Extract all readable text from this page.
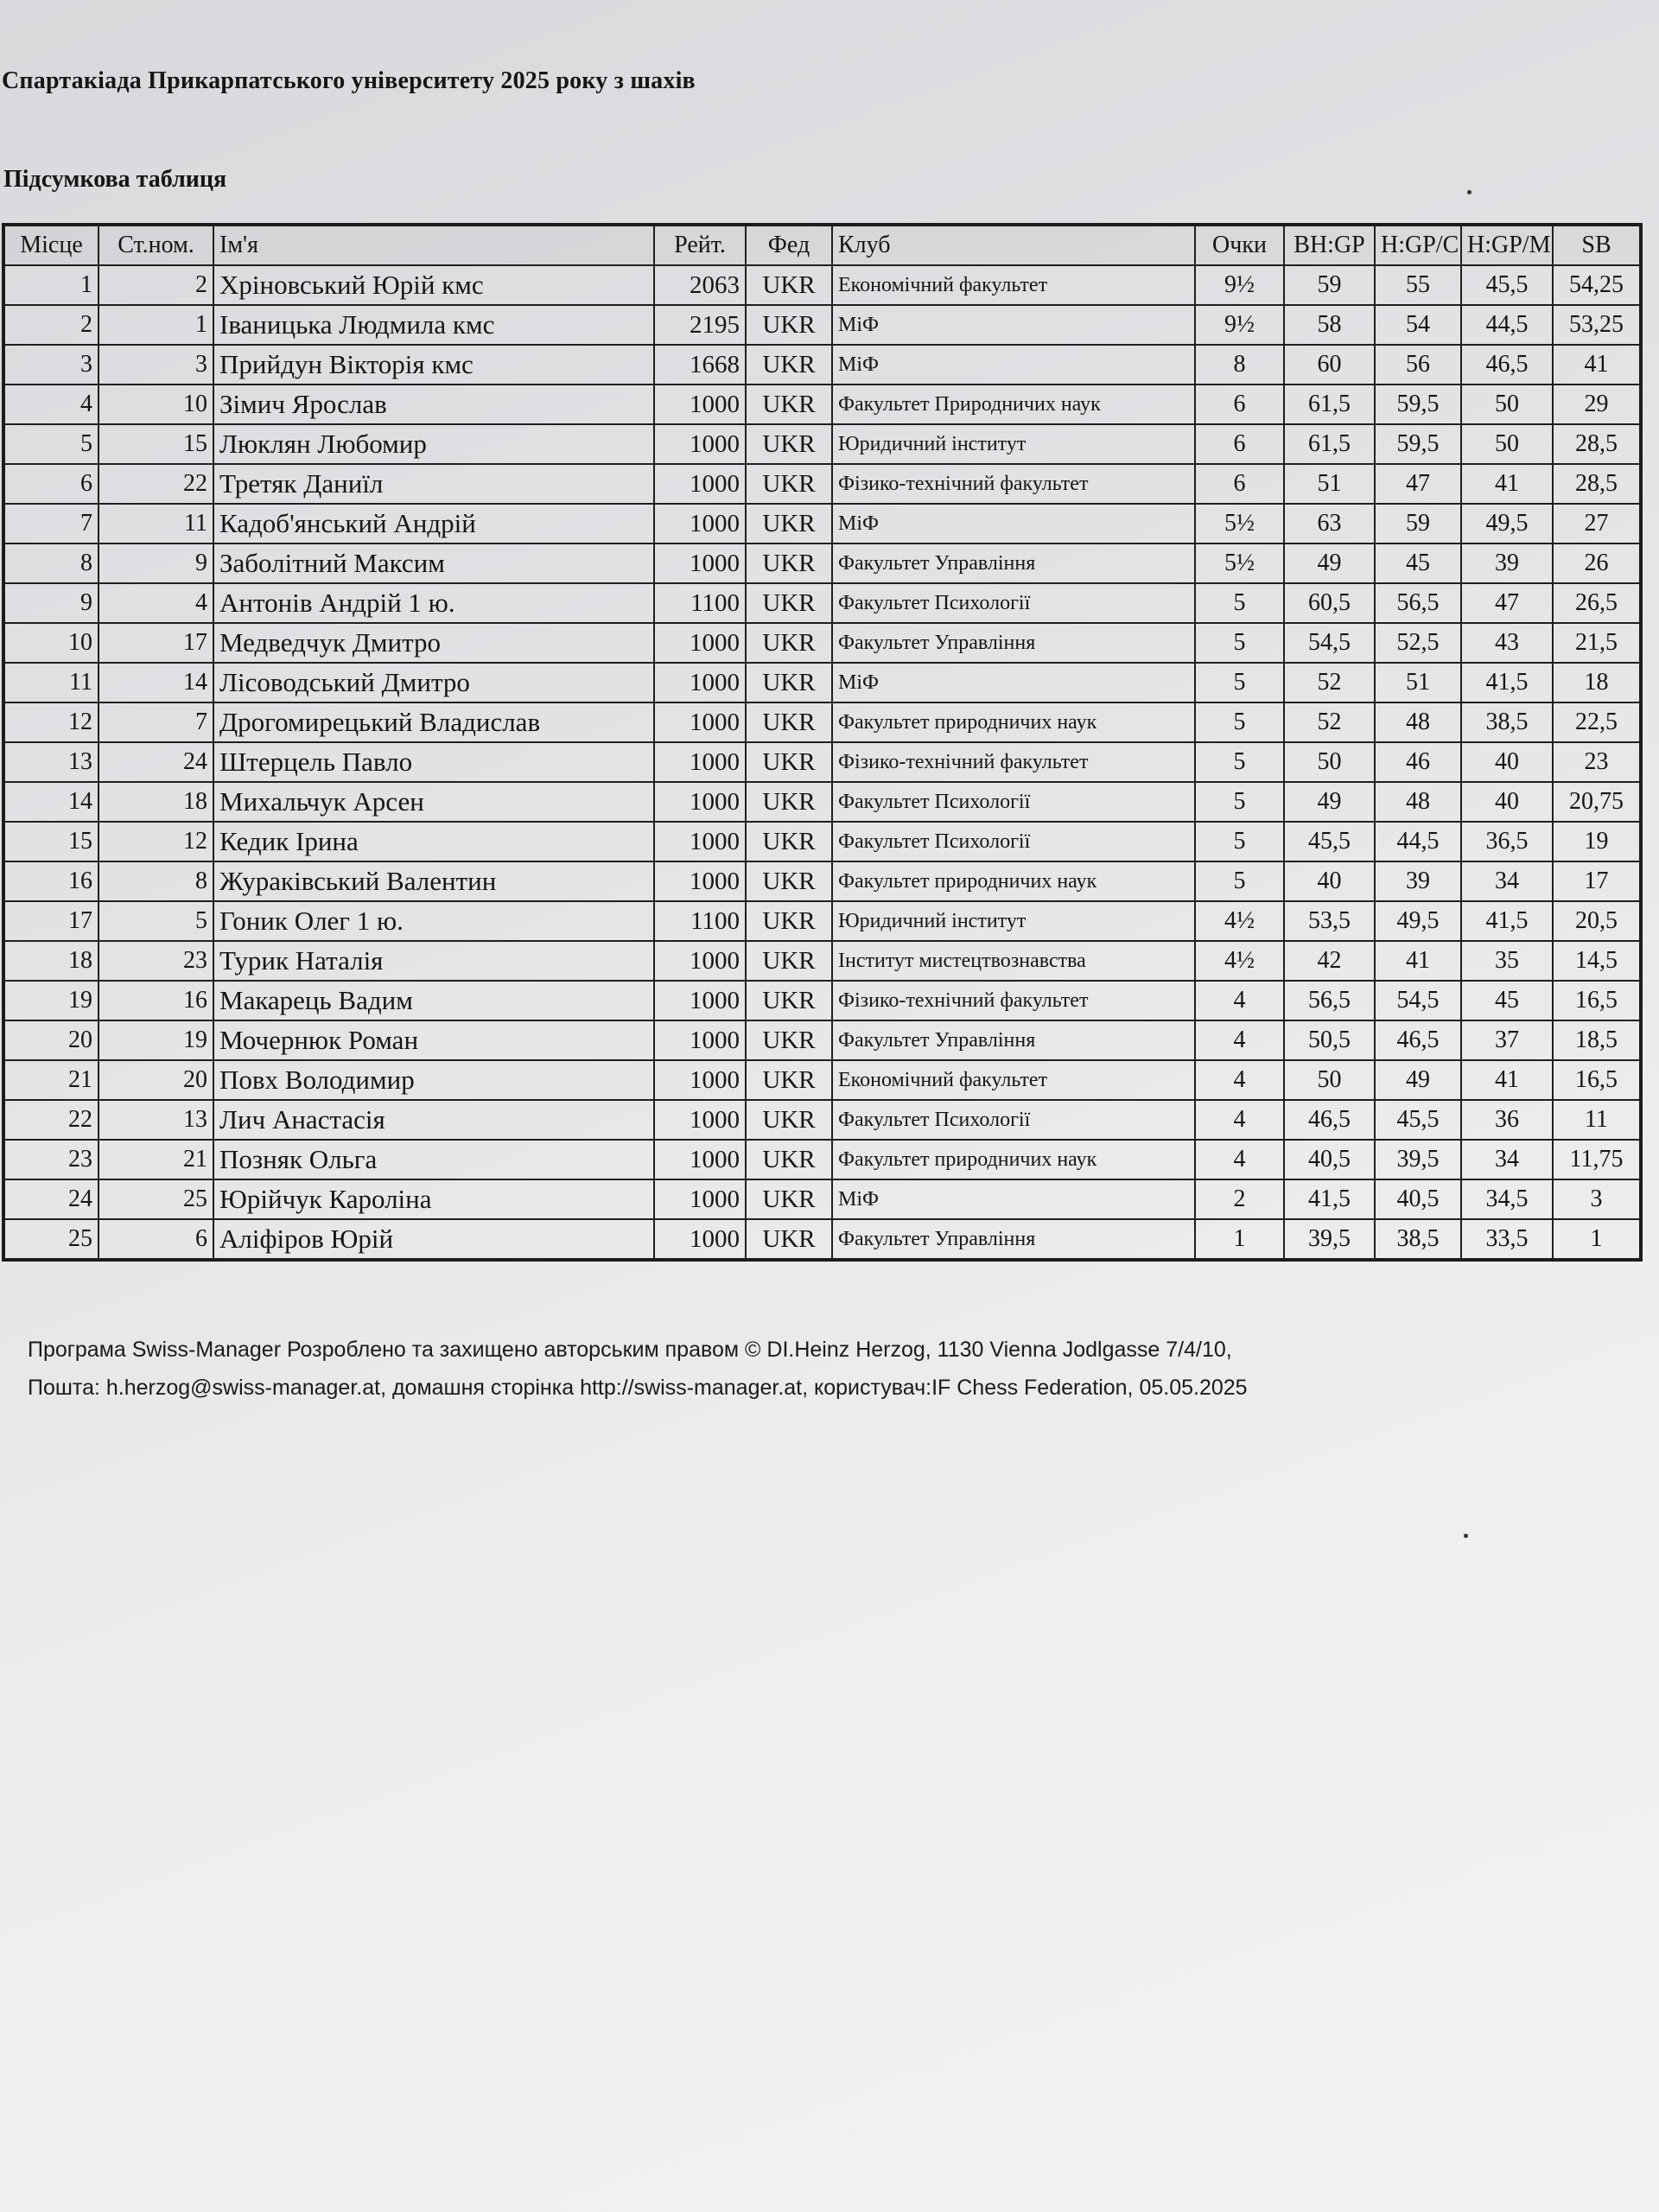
Спартакіада Прикарпатського університету 2025 року з шахів
Підсумкова таблиця
Місце	Ст.ном.	Ім'я	Рейт.	Фед	Клуб	Очки	BH:GP	H:GP/C	H:GP/M	SB
1	2	Хріновський Юрій кмс	2063	UKR	Економічний факультет	9½	59	55	45,5	54,25
2	1	Іваницька Людмила кмс	2195	UKR	МіФ	9½	58	54	44,5	53,25
3	3	Прийдун Вікторія кмс	1668	UKR	МіФ	8	60	56	46,5	41
4	10	Зімич Ярослав	1000	UKR	Факультет Природничих наук	6	61,5	59,5	50	29
5	15	Люклян Любомир	1000	UKR	Юридичний інститут	6	61,5	59,5	50	28,5
6	22	Третяк Даниїл	1000	UKR	Фізико-технічний факультет	6	51	47	41	28,5
7	11	Кадоб'янський Андрій	1000	UKR	МіФ	5½	63	59	49,5	27
8	9	Заболітний Максим	1000	UKR	Факультет Управління	5½	49	45	39	26
9	4	Антонів Андрій 1 ю.	1100	UKR	Факультет Психології	5	60,5	56,5	47	26,5
10	17	Медведчук Дмитро	1000	UKR	Факультет Управління	5	54,5	52,5	43	21,5
11	14	Лісоводський Дмитро	1000	UKR	МіФ	5	52	51	41,5	18
12	7	Дрогомирецький Владислав	1000	UKR	Факультет природничих наук	5	52	48	38,5	22,5
13	24	Штерцель Павло	1000	UKR	Фізико-технічний факультет	5	50	46	40	23
14	18	Михальчук Арсен	1000	UKR	Факультет Психології	5	49	48	40	20,75
15	12	Кедик Ірина	1000	UKR	Факультет Психології	5	45,5	44,5	36,5	19
16	8	Жураківський Валентин	1000	UKR	Факультет природничих наук	5	40	39	34	17
17	5	Гоник Олег 1 ю.	1100	UKR	Юридичний інститут	4½	53,5	49,5	41,5	20,5
18	23	Турик Наталія	1000	UKR	Інститут мистецтвознавства	4½	42	41	35	14,5
19	16	Макарець Вадим	1000	UKR	Фізико-технічний факультет	4	56,5	54,5	45	16,5
20	19	Мочернюк Роман	1000	UKR	Факультет Управління	4	50,5	46,5	37	18,5
21	20	Повх Володимир	1000	UKR	Економічний факультет	4	50	49	41	16,5
22	13	Лич Анастасія	1000	UKR	Факультет Психології	4	46,5	45,5	36	11
23	21	Позняк Ольга	1000	UKR	Факультет природничих наук	4	40,5	39,5	34	11,75
24	25	Юрійчук Кароліна	1000	UKR	МіФ	2	41,5	40,5	34,5	3
25	6	Аліфіров Юрій	1000	UKR	Факультет Управління	1	39,5	38,5	33,5	1
Програма Swiss-Manager Розроблено та захищено авторським правом © DI.Heinz Herzog, 1130 Vienna Jodlgasse 7/4/10,
Пошта: h.herzog@swiss-manager.at, домашня сторінка http://swiss-manager.at, користувач:IF Chess Federation, 05.05.2025
